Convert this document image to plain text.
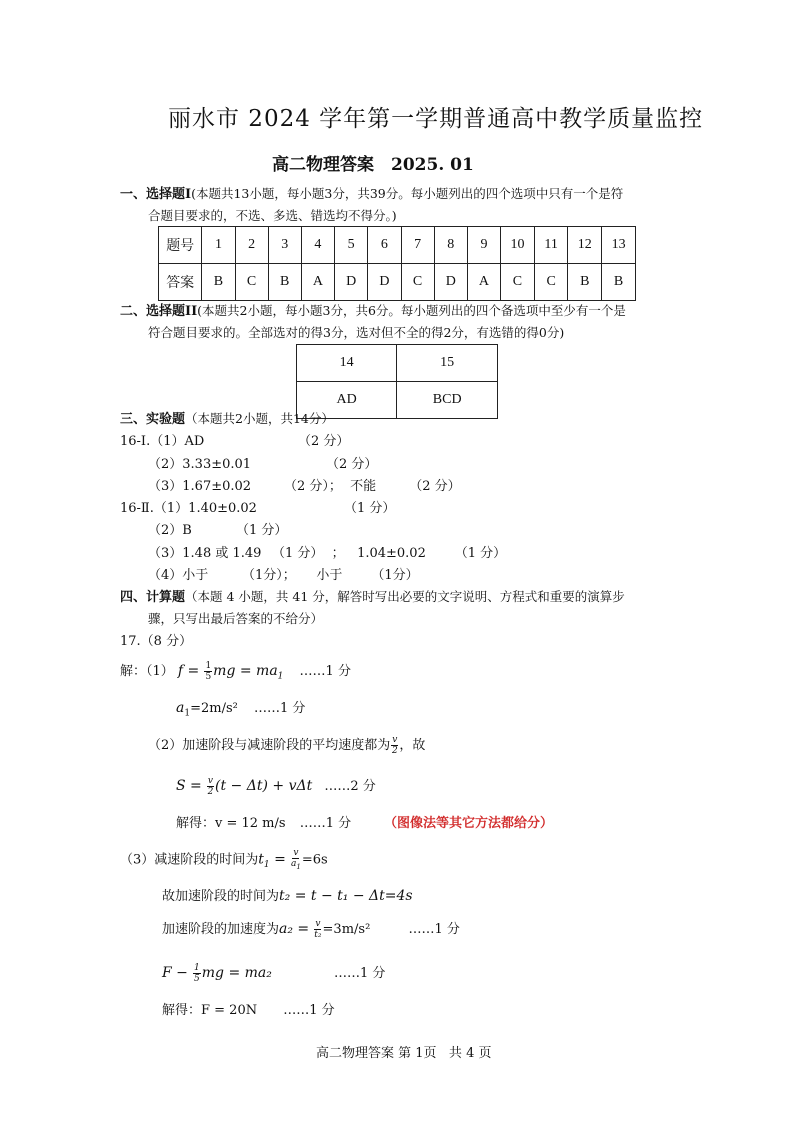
丽水市 2024 学年第一学期普通高中教学质量监控
高二物理答案　2025. 01
一、选择题I(本题共13小题，每小题3分，共39分。每小题列出的四个选项中只有一个是符
合题目要求的，不选、多选、错选均不得分。)
题号	1	2	3	4	5	6	7	8	9	10	11	12	13
答案	B	C	B	A	D	D	C	D	A	C	C	B	B
二、选择题II(本题共2小题，每小题3分，共6分。每小题列出的四个备选项中至少有一个是
符合题目要求的。全部选对的得3分，选对但不全的得2分，有选错的得0分)
14	15
AD	BCD
三、实验题（本题共2小题，共14分）
16-Ⅰ.（1）AD	（2 分）
（2）3.33±0.01	（2 分）
（3）1.67±0.02	（2 分）；  不能        （2 分）
16-Ⅱ.（1）1.40±0.02	（1 分）
（2）B	（1 分）
（3）1.48 或 1.49 （1 分）  ；   1.04±0.02       （1 分）
（4）小于	（1分）；     小于       （1分）
四、计算题（本题 4 小题，共 41 分，解答时写出必要的文字说明、方程式和重要的演算步
骤，只写出最后答案的不给分）
17.（8 分）
解：（1） $f = \frac{1}{5}$ mg = $ma_1$ ……1 分
$a_1=2m/s^2$ ……1 分
（2）加速阶段与减速阶段的平均速度都为 $\frac{v}{2}$ ，故
$S = \frac{v}{2} (t - \Delta t) + v\Delta t$ ……2 分
解得：v = 12 m/s ……1 分	（图像法等其它方法都给分）
（3）减速阶段的时间为$t_1 = \frac{v}{a_1} =6s$
故加速阶段的时间为t₂ = t − t₁ − Δt=4s
加速阶段的加速度为$a_2 = \frac{v}{\text{t₂}} =3m/s^2$	……1 分
$F - \frac{1}{5}$ mg = ma₂	……1 分
解得：F = 20N ……1 分
高二物理答案 第 1页   共 4 页
